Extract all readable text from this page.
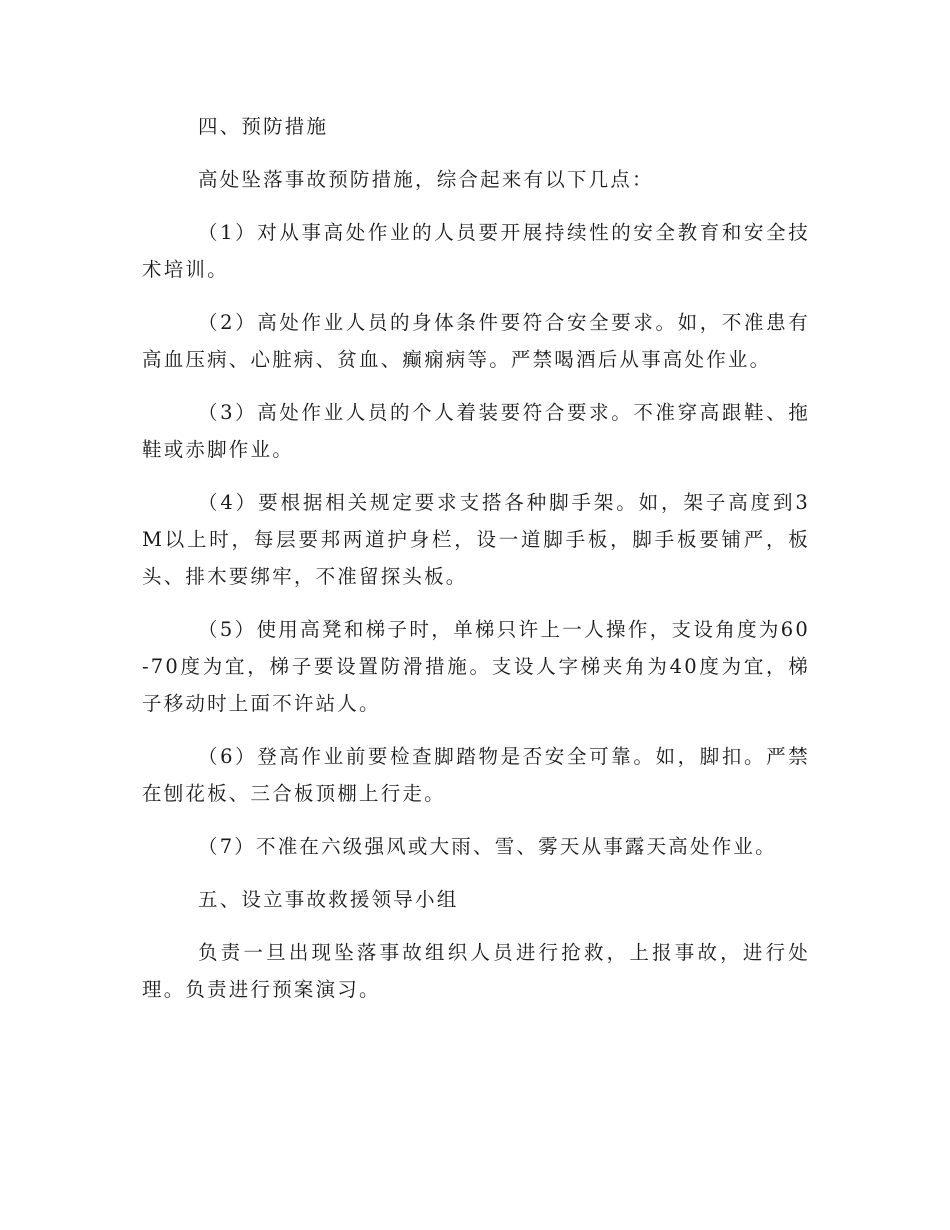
四、预防措施

高处坠落事故预防措施，综合起来有以下几点：

（1）对从事高处作业的人员要开展持续性的安全教育和安全技术培训。

（2）高处作业人员的身体条件要符合安全要求。如，不准患有高血压病、心脏病、贫血、癫痫病等。严禁喝酒后从事高处作业。

（3）高处作业人员的个人着装要符合要求。不准穿高跟鞋、拖鞋或赤脚作业。

（4）要根据相关规定要求支搭各种脚手架。如，架子高度到3M以上时，每层要邦两道护身栏，设一道脚手板，脚手板要铺严，板头、排木要绑牢，不准留探头板。

（5）使用高凳和梯子时，单梯只许上一人操作，支设角度为60-70度为宜，梯子要设置防滑措施。支设人字梯夹角为40度为宜，梯子移动时上面不许站人。

（6）登高作业前要检查脚踏物是否安全可靠。如，脚扣。严禁在刨花板、三合板顶棚上行走。

（7）不准在六级强风或大雨、雪、雾天从事露天高处作业。

五、设立事故救援领导小组

负责一旦出现坠落事故组织人员进行抢救，上报事故，进行处理。负责进行预案演习。
